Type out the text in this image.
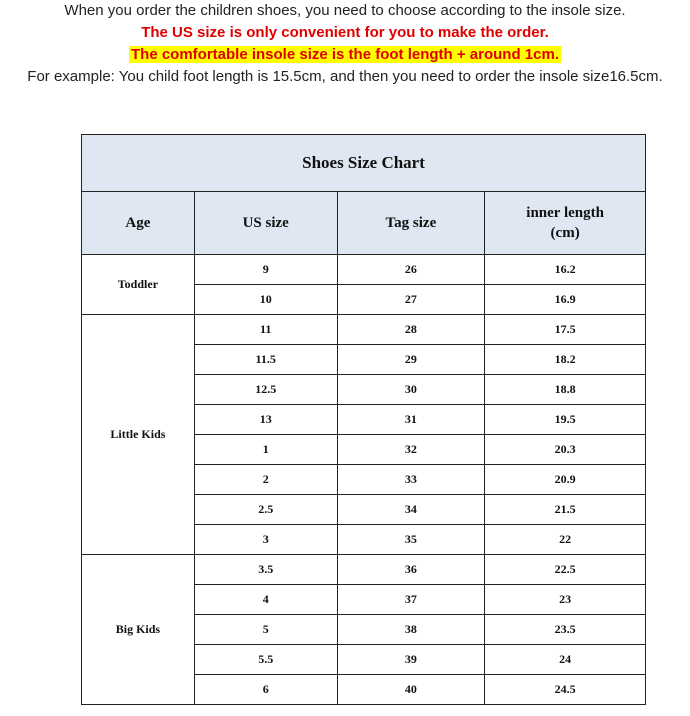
When you order the children shoes, you need to choose according to the insole size.
The US size is only convenient for you to make the order.
The comfortable insole size is the foot length + around 1cm.
For example: You child foot length is 15.5cm, and then you need to order the insole size16.5cm.
Shoes Size Chart			
Age	US size	Tag size	inner length
(cm)
Toddler	9	26	16.2
	10	27	16.9
Little Kids	11	28	17.5
	11.5	29	18.2
	12.5	30	18.8
	13	31	19.5
	1	32	20.3
	2	33	20.9
	2.5	34	21.5
	3	35	22
Big Kids	3.5	36	22.5
	4	37	23
	5	38	23.5
	5.5	39	24
	6	40	24.5
